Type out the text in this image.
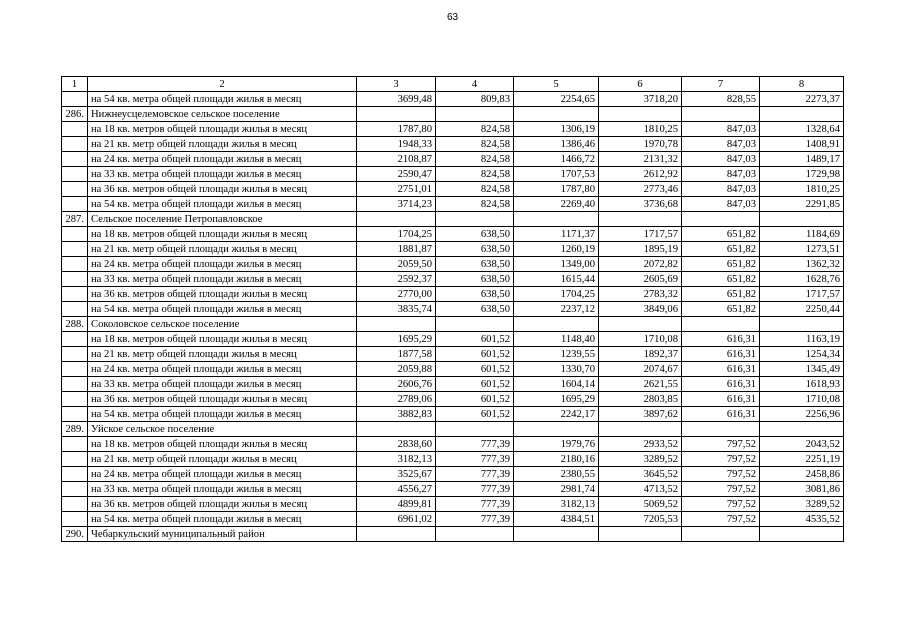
63
1	2	3	4	5	6	7	8
	на 54 кв. метра общей площади жилья в месяц	3699,48	809,83	2254,65	3718,20	828,55	2273,37
286.	Нижнеусцелемовское сельское поселение						
	на 18 кв. метров общей площади жилья в месяц	1787,80	824,58	1306,19	1810,25	847,03	1328,64
	на 21 кв. метр общей площади жилья в месяц	1948,33	824,58	1386,46	1970,78	847,03	1408,91
	на 24 кв. метра общей площади жилья в месяц	2108,87	824,58	1466,72	2131,32	847,03	1489,17
	на 33 кв. метра общей площади жилья в месяц	2590,47	824,58	1707,53	2612,92	847,03	1729,98
	на 36 кв. метров общей площади жилья в месяц	2751,01	824,58	1787,80	2773,46	847,03	1810,25
	на 54 кв. метра общей площади жилья в месяц	3714,23	824,58	2269,40	3736,68	847,03	2291,85
287.	Сельское поселение Петропавловское						
	на 18 кв. метров общей площади жилья в месяц	1704,25	638,50	1171,37	1717,57	651,82	1184,69
	на 21 кв. метр общей площади жилья в месяц	1881,87	638,50	1260,19	1895,19	651,82	1273,51
	на 24 кв. метра общей площади жилья в месяц	2059,50	638,50	1349,00	2072,82	651,82	1362,32
	на 33 кв. метра общей площади жилья в месяц	2592,37	638,50	1615,44	2605,69	651,82	1628,76
	на 36 кв. метров общей площади жилья в месяц	2770,00	638,50	1704,25	2783,32	651,82	1717,57
	на 54 кв. метра общей площади жилья в месяц	3835,74	638,50	2237,12	3849,06	651,82	2250,44
288.	Соколовское сельское поселение						
	на 18 кв. метров общей площади жилья в месяц	1695,29	601,52	1148,40	1710,08	616,31	1163,19
	на 21 кв. метр общей площади жилья в месяц	1877,58	601,52	1239,55	1892,37	616,31	1254,34
	на 24 кв. метра общей площади жилья в месяц	2059,88	601,52	1330,70	2074,67	616,31	1345,49
	на 33 кв. метра общей площади жилья в месяц	2606,76	601,52	1604,14	2621,55	616,31	1618,93
	на 36 кв. метров общей площади жилья в месяц	2789,06	601,52	1695,29	2803,85	616,31	1710,08
	на 54 кв. метра общей площади жилья в месяц	3882,83	601,52	2242,17	3897,62	616,31	2256,96
289.	Уйское сельское поселение						
	на 18 кв. метров общей площади жилья в месяц	2838,60	777,39	1979,76	2933,52	797,52	2043,52
	на 21 кв. метр общей площади жилья в месяц	3182,13	777,39	2180,16	3289,52	797,52	2251,19
	на 24 кв. метра общей площади жилья в месяц	3525,67	777,39	2380,55	3645,52	797,52	2458,86
	на 33 кв. метра общей площади жилья в месяц	4556,27	777,39	2981,74	4713,52	797,52	3081,86
	на 36 кв. метров общей площади жилья в месяц	4899,81	777,39	3182,13	5069,52	797,52	3289,52
	на 54 кв. метра общей площади жилья в месяц	6961,02	777,39	4384,51	7205,53	797,52	4535,52
290.	Чебаркульский муниципальный район						
